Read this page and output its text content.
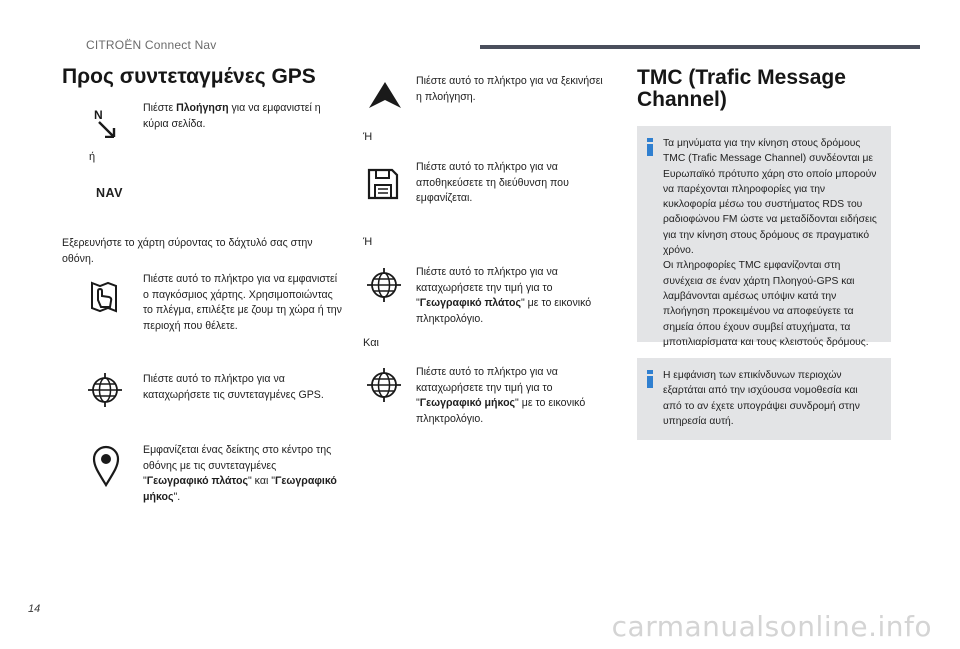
CITROËN Connect Nav
Προς συντεταγμένες GPS
N	Πιέστε Πλοήγηση για να εμφανιστεί η κύρια σελίδα.
ή
NAV
Εξερευνήστε το χάρτη σύροντας το δάχτυλό σας στην οθόνη.
Πιέστε αυτό το πλήκτρο για να εμφανιστεί ο παγκόσμιος χάρτης. Χρησιμοποιώντας το πλέγμα, επιλέξτε με ζουμ τη χώρα ή την περιοχή που θέλετε.
Πιέστε αυτό το πλήκτρο για να καταχωρήσετε τις συντεταγμένες GPS.
Εμφανίζεται ένας δείκτης στο κέντρο της οθόνης με τις συντεταγμένες "Γεωγραφικό πλάτος" και "Γεωγραφικό μήκος".
Πιέστε αυτό το πλήκτρο για να ξεκινήσει η πλοήγηση.
Ή
Πιέστε αυτό το πλήκτρο για να αποθηκεύσετε τη διεύθυνση που εμφανίζεται.
Ή
Πιέστε αυτό το πλήκτρο για να καταχωρήσετε την τιμή για το "Γεωγραφικό πλάτος" με το εικονικό πληκτρολόγιο.
Και
Πιέστε αυτό το πλήκτρο για να καταχωρήσετε την τιμή για το "Γεωγραφικό μήκος" με το εικονικό πληκτρολόγιο.
TMC (Trafic Message
Channel)
Τα μηνύματα για την κίνηση στους δρόμους TMC (Trafic Message Channel) συνδέονται με Ευρωπαϊκό πρότυπο χάρη στο οποίο μπορούν να παρέχονται πληροφορίες για την κυκλοφορία μέσω του συστήματος RDS του ραδιοφώνου FM ώστε να μεταδίδονται ειδήσεις για την κίνηση στους δρόμους σε πραγματικό χρόνο.
Οι πληροφορίες TMC εμφανίζονται στη συνέχεια σε έναν χάρτη Πλοηγού-GPS και λαμβάνονται αμέσως υπόψιν κατά την πλοήγηση προκειμένου να αποφεύγετε τα σημεία όπου έχουν συμβεί ατυχήματα, τα μποτιλιαρίσματα και τους κλειστούς δρόμους.
Η εμφάνιση των επικίνδυνων περιοχών εξαρτάται από την ισχύουσα νομοθεσία και από το αν έχετε υπογράψει συνδρομή στην υπηρεσία αυτή.
14
carmanualsonline.info
